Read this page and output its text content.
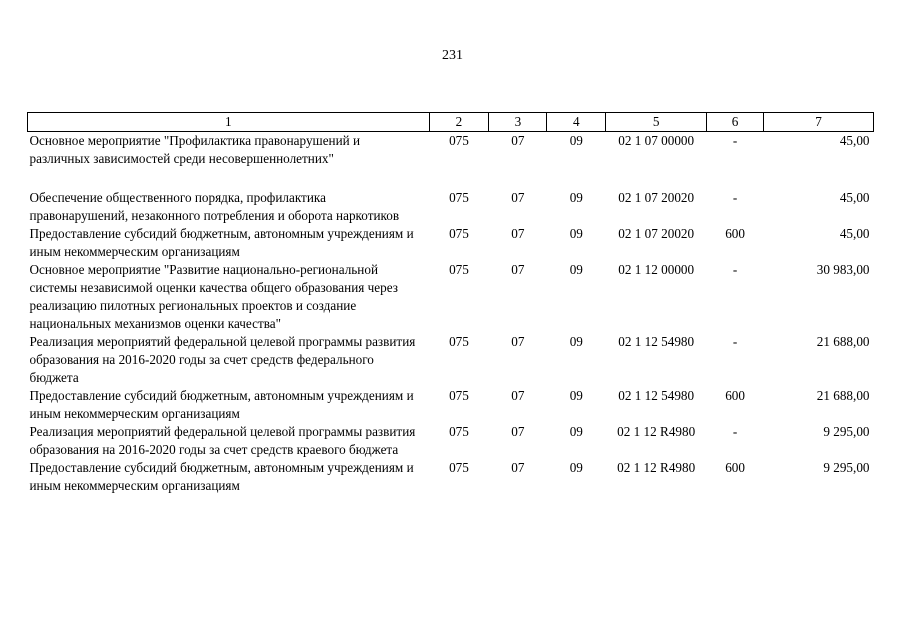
231
1	2	3	4	5	6	7
Основное мероприятие "Профилактика правонарушений и различных зависимостей среди несовершеннолетних"	075	07	09	02 1 07 00000	-	45,00
Обеспечение общественного порядка, профилактика правонарушений, незаконного потребления и оборота наркотиков	075	07	09	02 1 07 20020	-	45,00
Предоставление субсидий бюджетным, автономным учреждениям и иным некоммерческим организациям	075	07	09	02 1 07 20020	600	45,00
Основное мероприятие "Развитие национально-региональной системы независимой оценки качества общего образования через реализацию пилотных региональных проектов и создание национальных механизмов оценки качества"	075	07	09	02 1 12 00000	-	30 983,00
Реализация мероприятий федеральной целевой программы развития образования на 2016-2020 годы за счет средств федерального бюджета	075	07	09	02 1 12 54980	-	21 688,00
Предоставление субсидий бюджетным, автономным учреждениям и иным некоммерческим организациям	075	07	09	02 1 12 54980	600	21 688,00
Реализация мероприятий федеральной целевой программы развития образования на 2016-2020 годы за счет средств краевого бюджета	075	07	09	02 1 12 R4980	-	9 295,00
Предоставление субсидий бюджетным, автономным учреждениям и иным некоммерческим организациям	075	07	09	02 1 12 R4980	600	9 295,00
